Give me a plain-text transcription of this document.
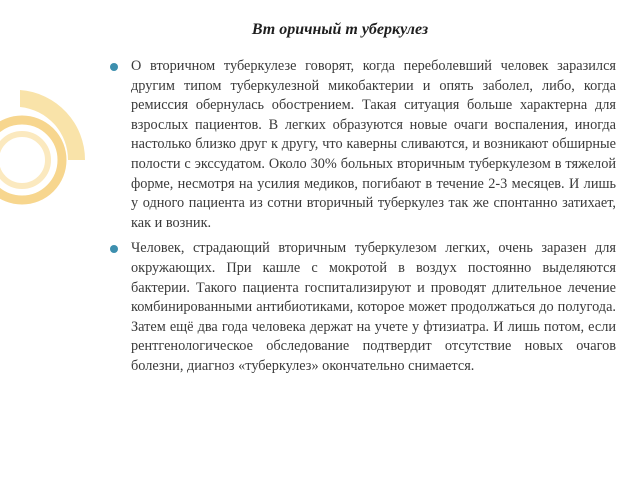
Вт оричный т уберкулез
О вторичном туберкулезе говорят, когда переболевший человек заразился другим типом туберкулезной микобактерии и опять заболел, либо, когда ремиссия обернулась обострением. Такая ситуация больше характерна для взрослых пациентов. В легких образуются новые очаги воспаления, иногда настолько близко друг к другу, что каверны сливаются, и возникают обширные полости с экссудатом. Около 30% больных вторичным туберкулезом в тяжелой форме, несмотря на усилия медиков, погибают в течение 2-3 месяцев. И лишь у одного пациента из сотни вторичный туберкулез так же спонтанно затихает, как и возник.
Человек, страдающий вторичным туберкулезом легких, очень заразен для окружающих. При кашле с мокротой в воздух постоянно выделяются бактерии. Такого пациента госпитализируют и проводят длительное лечение комбинированными антибиотиками, которое может продолжаться до полугода. Затем ещё два года человека держат на учете у фтизиатра. И лишь потом, если рентгенологическое обследование подтвердит отсутствие новых очагов болезни, диагноз «туберкулез» окончательно снимается.
